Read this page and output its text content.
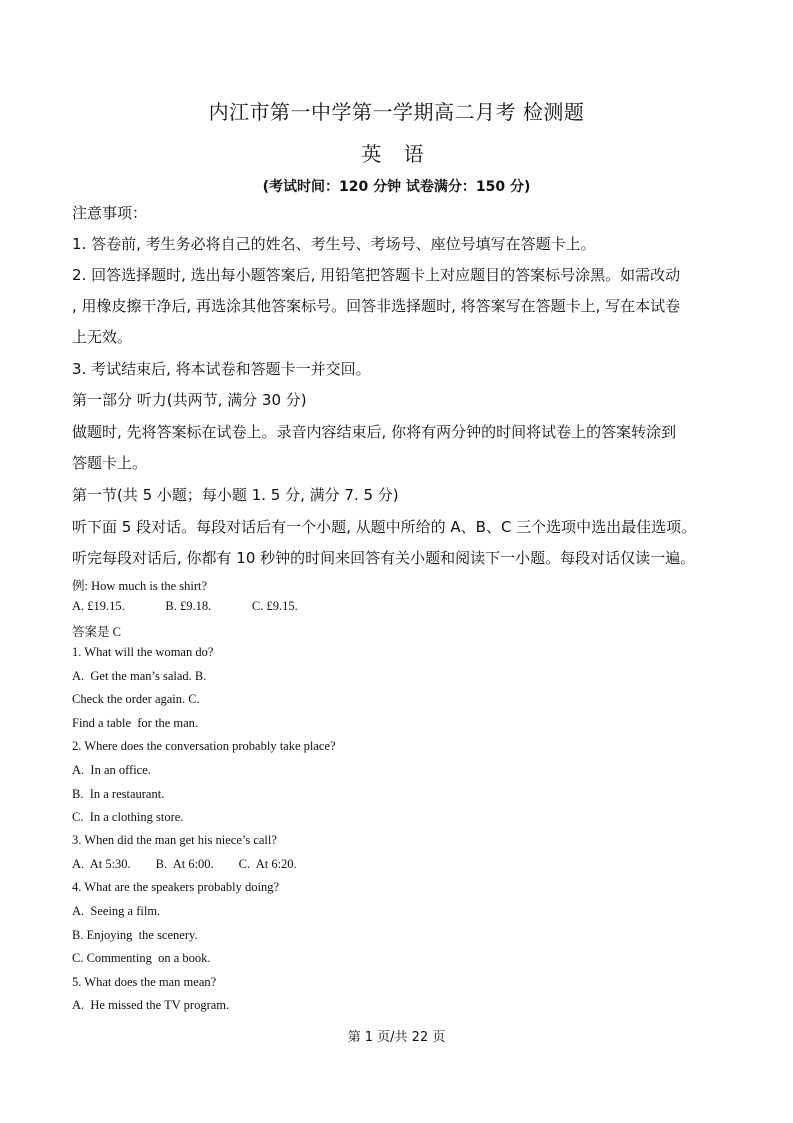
内江市第一中学第一学期高二月考 检测题
英 语
(考试时间：120 分钟 试卷满分：150 分)
注意事项：
1. 答卷前, 考生务必将自己的姓名、考生号、考场号、座位号填写在答题卡上。
2. 回答选择题时, 选出每小题答案后, 用铅笔把答题卡上对应题目的答案标号涂黑。如需改动
, 用橡皮擦干净后, 再选涂其他答案标号。回答非选择题时, 将答案写在答题卡上, 写在本试卷
上无效。
3. 考试结束后, 将本试卷和答题卡一并交回。
第一部分 听力(共两节, 满分 30 分)
做题时, 先将答案标在试卷上。录音内容结束后, 你将有两分钟的时间将试卷上的答案转涂到
答题卡上。
第一节(共 5 小题；每小题 1. 5 分, 满分 7. 5 分)
听下面 5 段对话。每段对话后有一个小题, 从题中所给的 A、B、C 三个选项中选出最佳选项。
听完每段对话后, 你都有 10 秒钟的时间来回答有关小题和阅读下一小题。每段对话仅读一遍。
例: How much is the shirt?
A. £19.15.             B. £9.18.             C. £9.15.
答案是 C
1. What will the woman do?
A.  Get the man’s salad. B.
Check the order again. C.
Find a table  for the man.
2. Where does the conversation probably take place?
A.  In an office.
B.  In a restaurant.
C.  In a clothing store.
3. When did the man get his niece’s call?
A.  At 5:30.        B.  At 6:00.        C.  At 6:20.
4. What are the speakers probably doing?
A.  Seeing a film.
B. Enjoying  the scenery.
C. Commenting  on a book.
5. What does the man mean?
A.  He missed the TV program.
第 1 页/共 22 页
